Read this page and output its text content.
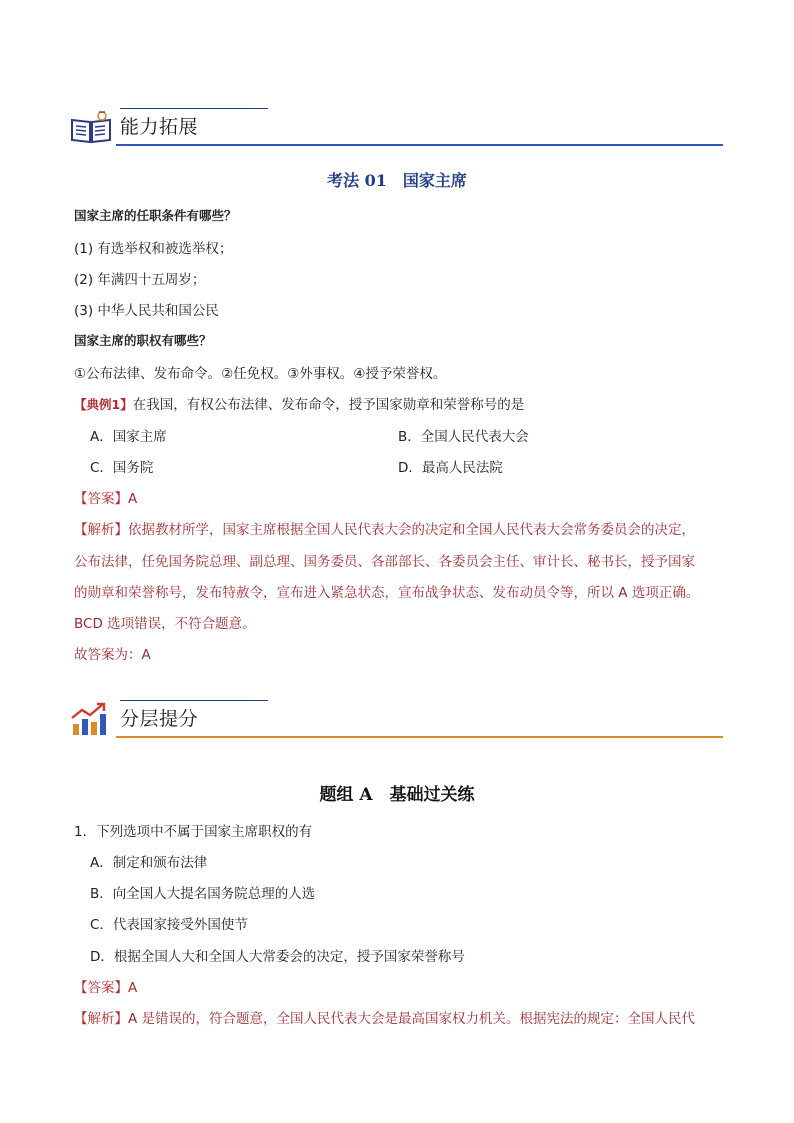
能力拓展
考法 01　国家主席
国家主席的任职条件有哪些？
(1) 有选举权和被选举权；
(2) 年满四十五周岁；
(3) 中华人民共和国公民
国家主席的职权有哪些？
①公布法律、发布命令。②任免权。③外事权。④授予荣誉权。
【典例1】在我国，有权公布法律、发布命令，授予国家勋章和荣誉称号的是
A．国家主席	B．全国人民代表大会
C．国务院	D．最高人民法院
【答案】A
【解析】依据教材所学，国家主席根据全国人民代表大会的决定和全国人民代表大会常务委员会的决定，
公布法律，任免国务院总理、副总理、国务委员、各部部长、各委员会主任、审计长、秘书长，授予国家
的勋章和荣誉称号，发布特赦令，宣布进入紧急状态，宣布战争状态、发布动员令等，所以 A 选项正确。
BCD 选项错误，不符合题意。
故答案为：A
分层提分
题组 A　基础过关练
1．下列选项中不属于国家主席职权的有
A．制定和颁布法律
B．向全国人大提名国务院总理的人选
C．代表国家接受外国使节
D．根据全国人大和全国人大常委会的决定，授予国家荣誉称号
【答案】A
【解析】A 是错误的，符合题意，全国人民代表大会是最高国家权力机关。根据宪法的规定：全国人民代
